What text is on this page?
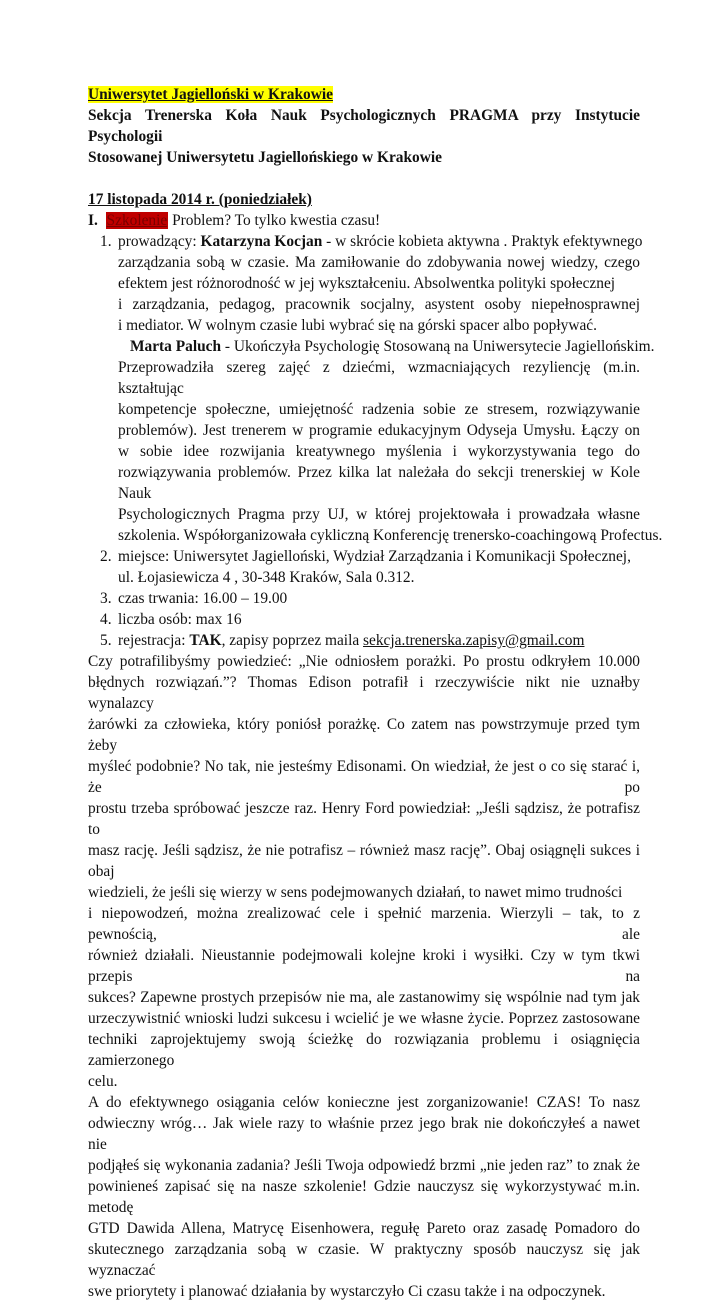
Uniwersytet Jagielloński w Krakowie
Sekcja Trenerska Koła Nauk Psychologicznych PRAGMA przy Instytucie Psychologii
Stosowanej Uniwersytetu Jagiellońskiego w Krakowie
17 listopada 2014 r. (poniedziałek)
I. Szkolenie Problem? To tylko kwestia czasu!
1. prowadzący: Katarzyna Kocjan - w skrócie kobieta aktywna . Praktyk efektywnego
zarządzania sobą w czasie. Ma zamiłowanie do zdobywania nowej wiedzy, czego
efektem jest różnorodność w jej wykształceniu. Absolwentka polityki społecznej
i zarządzania, pedagog, pracownik socjalny, asystent osoby niepełnosprawnej
i mediator. W wolnym czasie lubi wybrać się na górski spacer albo popływać.
Marta Paluch - Ukończyła Psychologię Stosowaną na Uniwersytecie Jagiellońskim.
Przeprowadziła szereg zajęć z dziećmi, wzmacniających rezyliencję (m.in. kształtując
kompetencje społeczne, umiejętność radzenia sobie ze stresem, rozwiązywanie
problemów). Jest trenerem w programie edukacyjnym Odyseja Umysłu. Łączy on
w sobie idee rozwijania kreatywnego myślenia i wykorzystywania tego do
rozwiązywania problemów. Przez kilka lat należała do sekcji trenerskiej w Kole Nauk
Psychologicznych Pragma przy UJ, w której projektowała i prowadzała własne
szkolenia. Współorganizowała cykliczną Konferencję trenersko-coachingową Profectus.
2. miejsce: Uniwersytet Jagielloński, Wydział Zarządzania i Komunikacji Społecznej,
ul. Łojasiewicza 4 , 30-348 Kraków, Sala 0.312.
3. czas trwania: 16.00 – 19.00
4. liczba osób: max 16
5. rejestracja: TAK, zapisy poprzez maila sekcja.trenerska.zapisy@gmail.com
Czy potrafilibyśmy powiedzieć: „Nie odniosłem porażki. Po prostu odkryłem 10.000
błędnych rozwiązań.”? Thomas Edison potrafił i rzeczywiście nikt nie uznałby wynalazcy
żarówki za człowieka, który poniósł porażkę. Co zatem nas powstrzymuje przed tym żeby
myśleć podobnie? No tak, nie jesteśmy Edisonami. On wiedział, że jest o co się starać i, że po
prostu trzeba spróbować jeszcze raz. Henry Ford powiedział: „Jeśli sądzisz, że potrafisz to
masz rację. Jeśli sądzisz, że nie potrafisz – również masz rację”. Obaj osiągnęli sukces i obaj
wiedzieli, że jeśli się wierzy w sens podejmowanych działań, to nawet mimo trudności
i niepowodzeń, można zrealizować cele i spełnić marzenia. Wierzyli – tak, to z pewnością, ale
również działali. Nieustannie podejmowali kolejne kroki i wysiłki. Czy w tym tkwi przepis na
sukces? Zapewne prostych przepisów nie ma, ale zastanowimy się wspólnie nad tym jak
urzeczywistnić wnioski ludzi sukcesu i wcielić je we własne życie. Poprzez zastosowane
techniki zaprojektujemy swoją ścieżkę do rozwiązania problemu i osiągnięcia zamierzonego
celu.
A do efektywnego osiągania celów konieczne jest zorganizowanie! CZAS! To nasz
odwieczny wróg… Jak wiele razy to właśnie przez jego brak nie dokończyłeś a nawet nie
podjąłeś się wykonania zadania? Jeśli Twoja odpowiedź brzmi „nie jeden raz” to znak że
powinieneś zapisać się na nasze szkolenie! Gdzie nauczysz się wykorzystywać m.in. metodę
GTD Dawida Allena, Matrycę Eisenhowera, regułę Pareto oraz zasadę Pomadoro do
skutecznego zarządzania sobą w czasie. W praktyczny sposób nauczysz się jak wyznaczać
swe priorytety i planować działania by wystarczyło Ci czasu także i na odpoczynek.
